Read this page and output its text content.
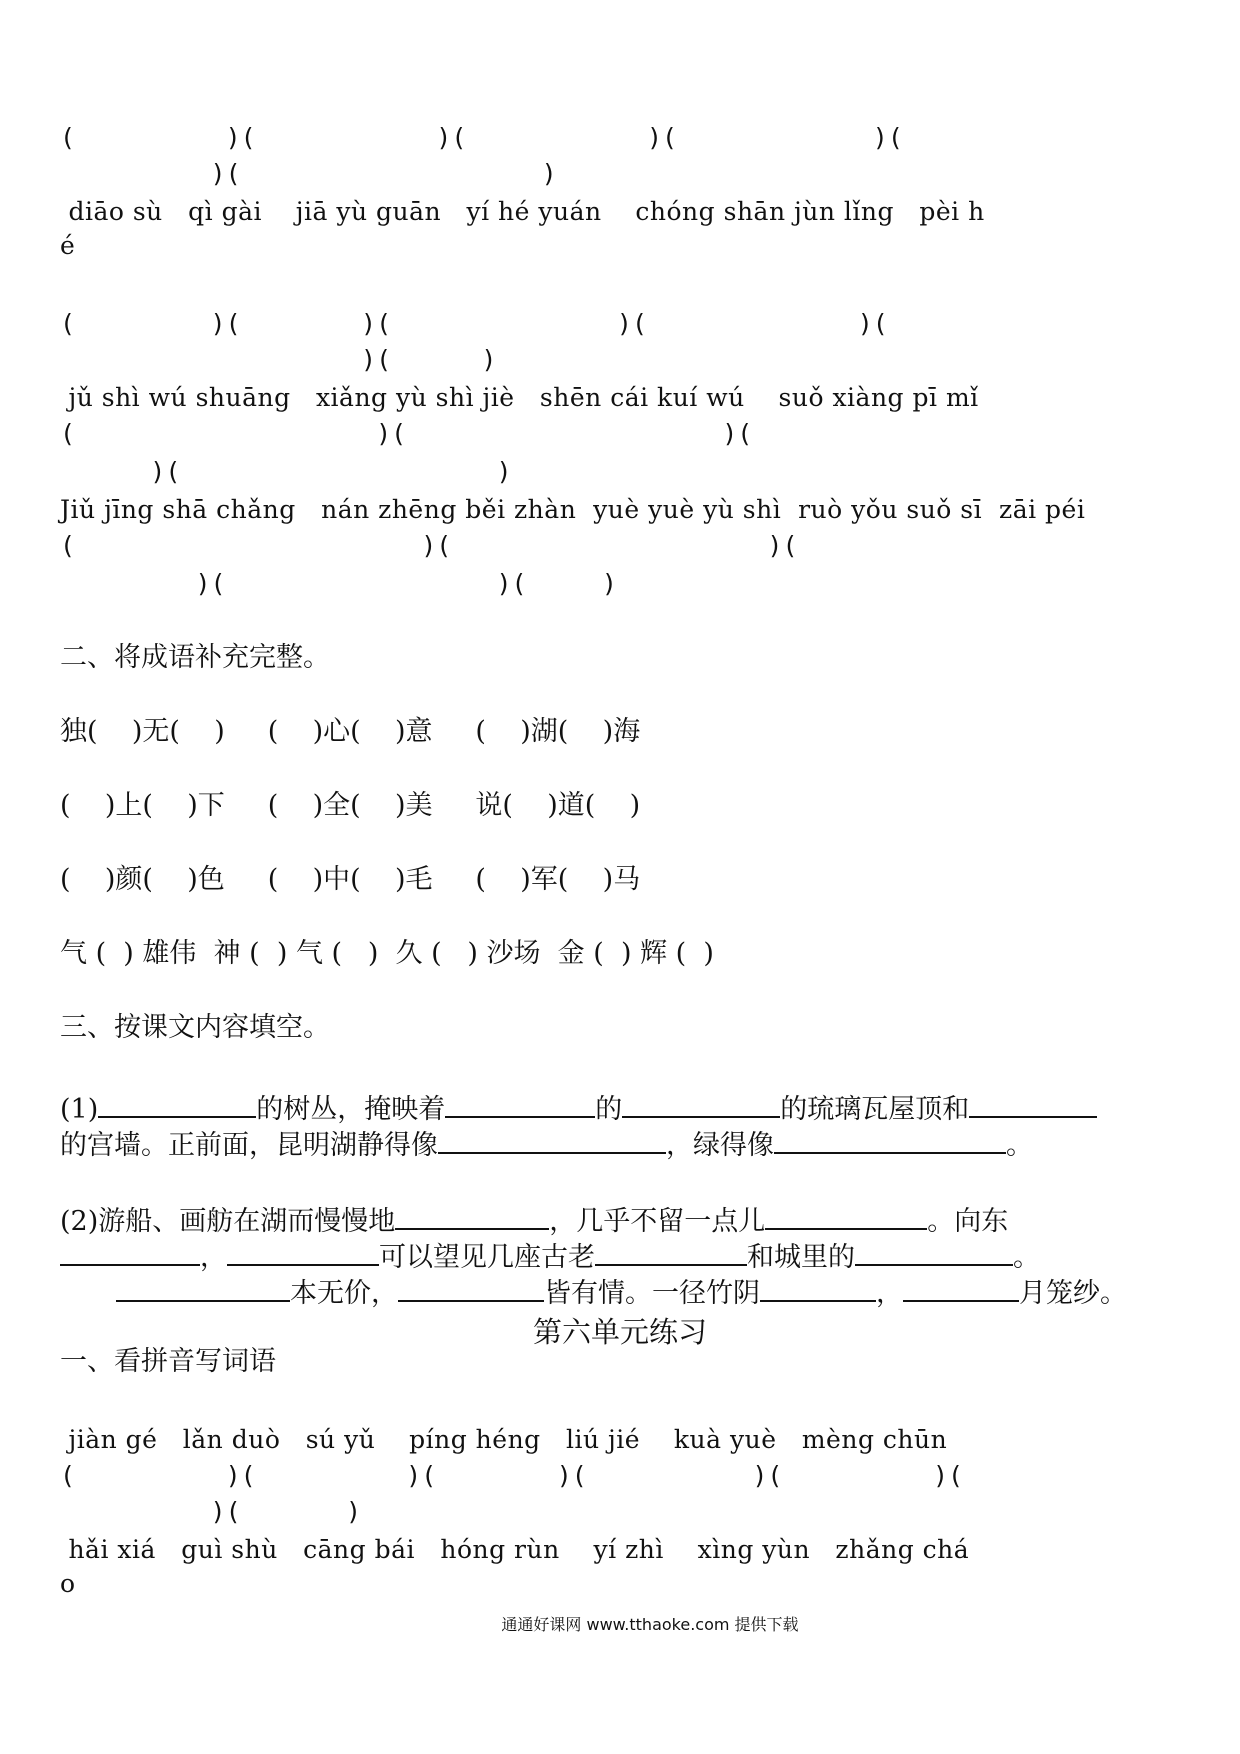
(          )(            )(            )(             )(
)(                    )
diāo sù   qì gài    jiā yù guān   yí hé yuán    chóng shān jùn lǐng   pèi h
é
(         )(        )(               )(              )(
)(      )
jǔ shì wú shuāng   xiǎng yù shì jiè   shēn cái kuí wú    suǒ xiàng pī mǐ
(                    )(                     )(
)(                     )
Jiǔ jīng shā chǎng   nán zhēng běi zhàn  yuè yuè yù shì  ruò yǒu suǒ sī  zāi péi
(                       )(                     )(
)(                  )(     )
二、将成语补充完整。
独(    )无(    )     (    )心(    )意     (    )湖(    )海
(    )上(    )下     (    )全(    )美     说(    )道(    )
(    )颜(    )色     (    )中(    )毛     (    )军(    )马
气 (  ) 雄伟  神 (  ) 气 (   )  久 (   ) 沙场  金 (  ) 辉 (  )
三、按课文内容填空。
(1)	的树丛，掩映着	的	的琉璃瓦屋顶和
的宫墙。正前面，昆明湖静得像	，绿得像	。
(2)游船、画舫在湖而慢慢地	，几乎不留一点儿	。向东
，	可以望见几座古老	和城里的	。
本无价，	皆有情。一径竹阴	，	月笼纱。
第六单元练习
一、看拼音写词语
jiàn gé   lǎn duò   sú yǔ    píng héng   liú jié    kuà yuè   mèng chūn
(          )(          )(        )(           )(          )(
)(       )
hǎi xiá   guì shù   cāng bái   hóng rùn    yí zhì    xìng yùn   zhǎng chá
o
通通好课网 www.tthaoke.com 提供下载
